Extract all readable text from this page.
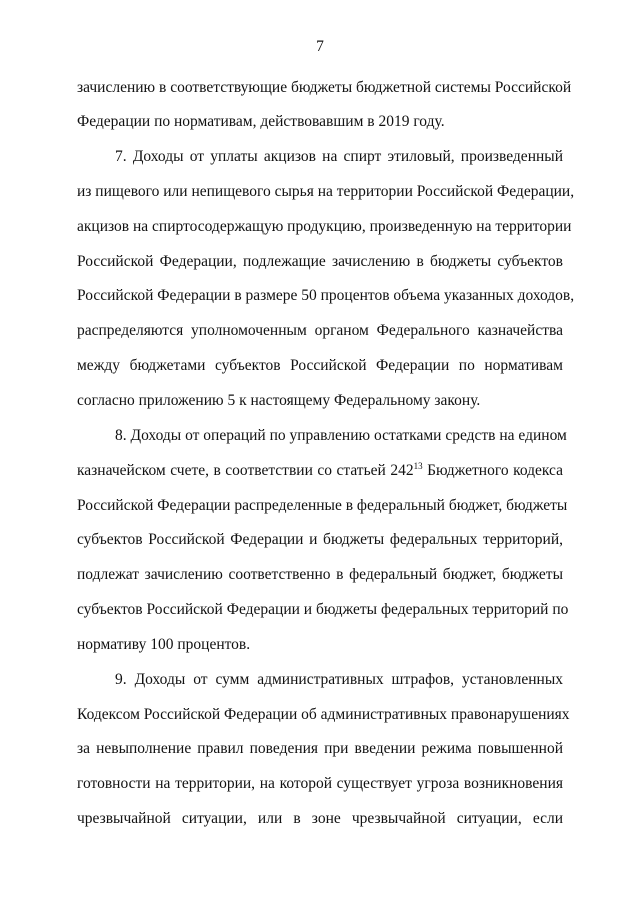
7
зачислению в соответствующие бюджеты бюджетной системы Российской
Федерации по нормативам, действовавшим в 2019 году.
7. Доходы от уплаты акцизов на спирт этиловый, произведенный
из пищевого или непищевого сырья на территории Российской Федерации,
акцизов на спиртосодержащую продукцию, произведенную на территории
Российской Федерации, подлежащие зачислению в бюджеты субъектов
Российской Федерации в размере 50 процентов объема указанных доходов,
распределяются уполномоченным органом Федерального казначейства
между бюджетами субъектов Российской Федерации по нормативам
согласно приложению 5 к настоящему Федеральному закону.
8. Доходы от операций по управлению остатками средств на едином
казначейском счете, в соответствии со статьей $242^{13}$ Бюджетного кодекса
Российской Федерации распределенные в федеральный бюджет, бюджеты
субъектов Российской Федерации и бюджеты федеральных территорий,
подлежат зачислению соответственно в федеральный бюджет, бюджеты
субъектов Российской Федерации и бюджеты федеральных территорий по
нормативу 100 процентов.
9. Доходы от сумм административных штрафов, установленных
Кодексом Российской Федерации об административных правонарушениях
за невыполнение правил поведения при введении режима повышенной
готовности на территории, на которой существует угроза возникновения
чрезвычайной ситуации, или в зоне чрезвычайной ситуации, если
